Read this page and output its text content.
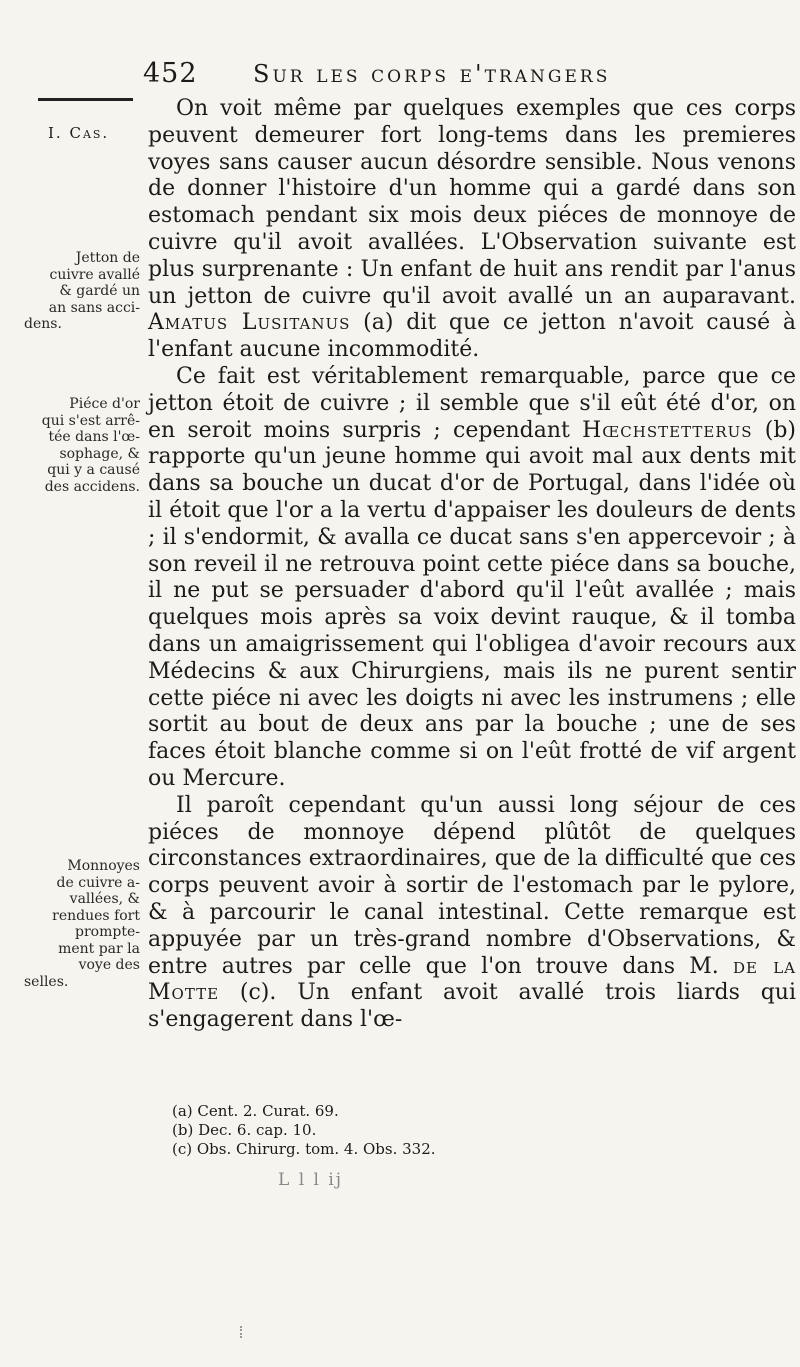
452 Sur les corps e'trangers
I. Cas.
Jetton de
cuivre avallé
& gardé un
an sans acci-
dens.
Piéce d'or
qui s'est arrê-
tée dans l'œ-
sophage, &
qui y a causé
des accidens.
Monnoyes
de cuivre a-
vallées, &
rendues fort
prompte-
ment par la
voye des
selles.

On voit même par quelques exemples que ces corps peuvent demeurer fort long-tems dans les premieres voyes sans causer aucun désordre sensible. Nous venons de donner l'histoire d'un homme qui a gardé dans son estomach pendant six mois deux piéces de monnoye de cuivre qu'il avoit avallées. L'Observation suivante est plus surprenante : Un enfant de huit ans rendit par l'anus un jetton de cuivre qu'il avoit avallé un an auparavant. Amatus Lusitanus (a) dit que ce jetton n'avoit causé à l'enfant aucune incommodité.

Ce fait est véritablement remarquable, parce que ce jetton étoit de cuivre ; il semble que s'il eût été d'or, on en seroit moins surpris ; cependant Hœchstetterus (b) rapporte qu'un jeune homme qui avoit mal aux dents mit dans sa bouche un ducat d'or de Portugal, dans l'idée où il étoit que l'or a la vertu d'appaiser les douleurs de dents ; il s'endormit, & avalla ce ducat sans s'en appercevoir ; à son reveil il ne retrouva point cette piéce dans sa bouche, il ne put se persuader d'abord qu'il l'eût avallée ; mais quelques mois après sa voix devint rauque, & il tomba dans un amaigrissement qui l'obligea d'avoir recours aux Médecins & aux Chirurgiens, mais ils ne purent sentir cette piéce ni avec les doigts ni avec les instrumens ; elle sortit au bout de deux ans par la bouche ; une de ses faces étoit blanche comme si on l'eût frotté de vif argent ou Mercure.

Il paroît cependant qu'un aussi long séjour de ces piéces de monnoye dépend plûtôt de quelques circonstances extraordinaires, que de la difficulté que ces corps peuvent avoir à sortir de l'estomach par le pylore, & à parcourir le canal intestinal. Cette remarque est appuyée par un très-grand nombre d'Observations, & entre autres par celle que l'on trouve dans M. de la Motte (c). Un enfant avoit avallé trois liards qui s'engagerent dans l'œ-

(a) Cent. 2. Curat. 69.
(b) Dec. 6. cap. 10.
(c) Obs. Chirurg. tom. 4. Obs. 332.
L l l ij
